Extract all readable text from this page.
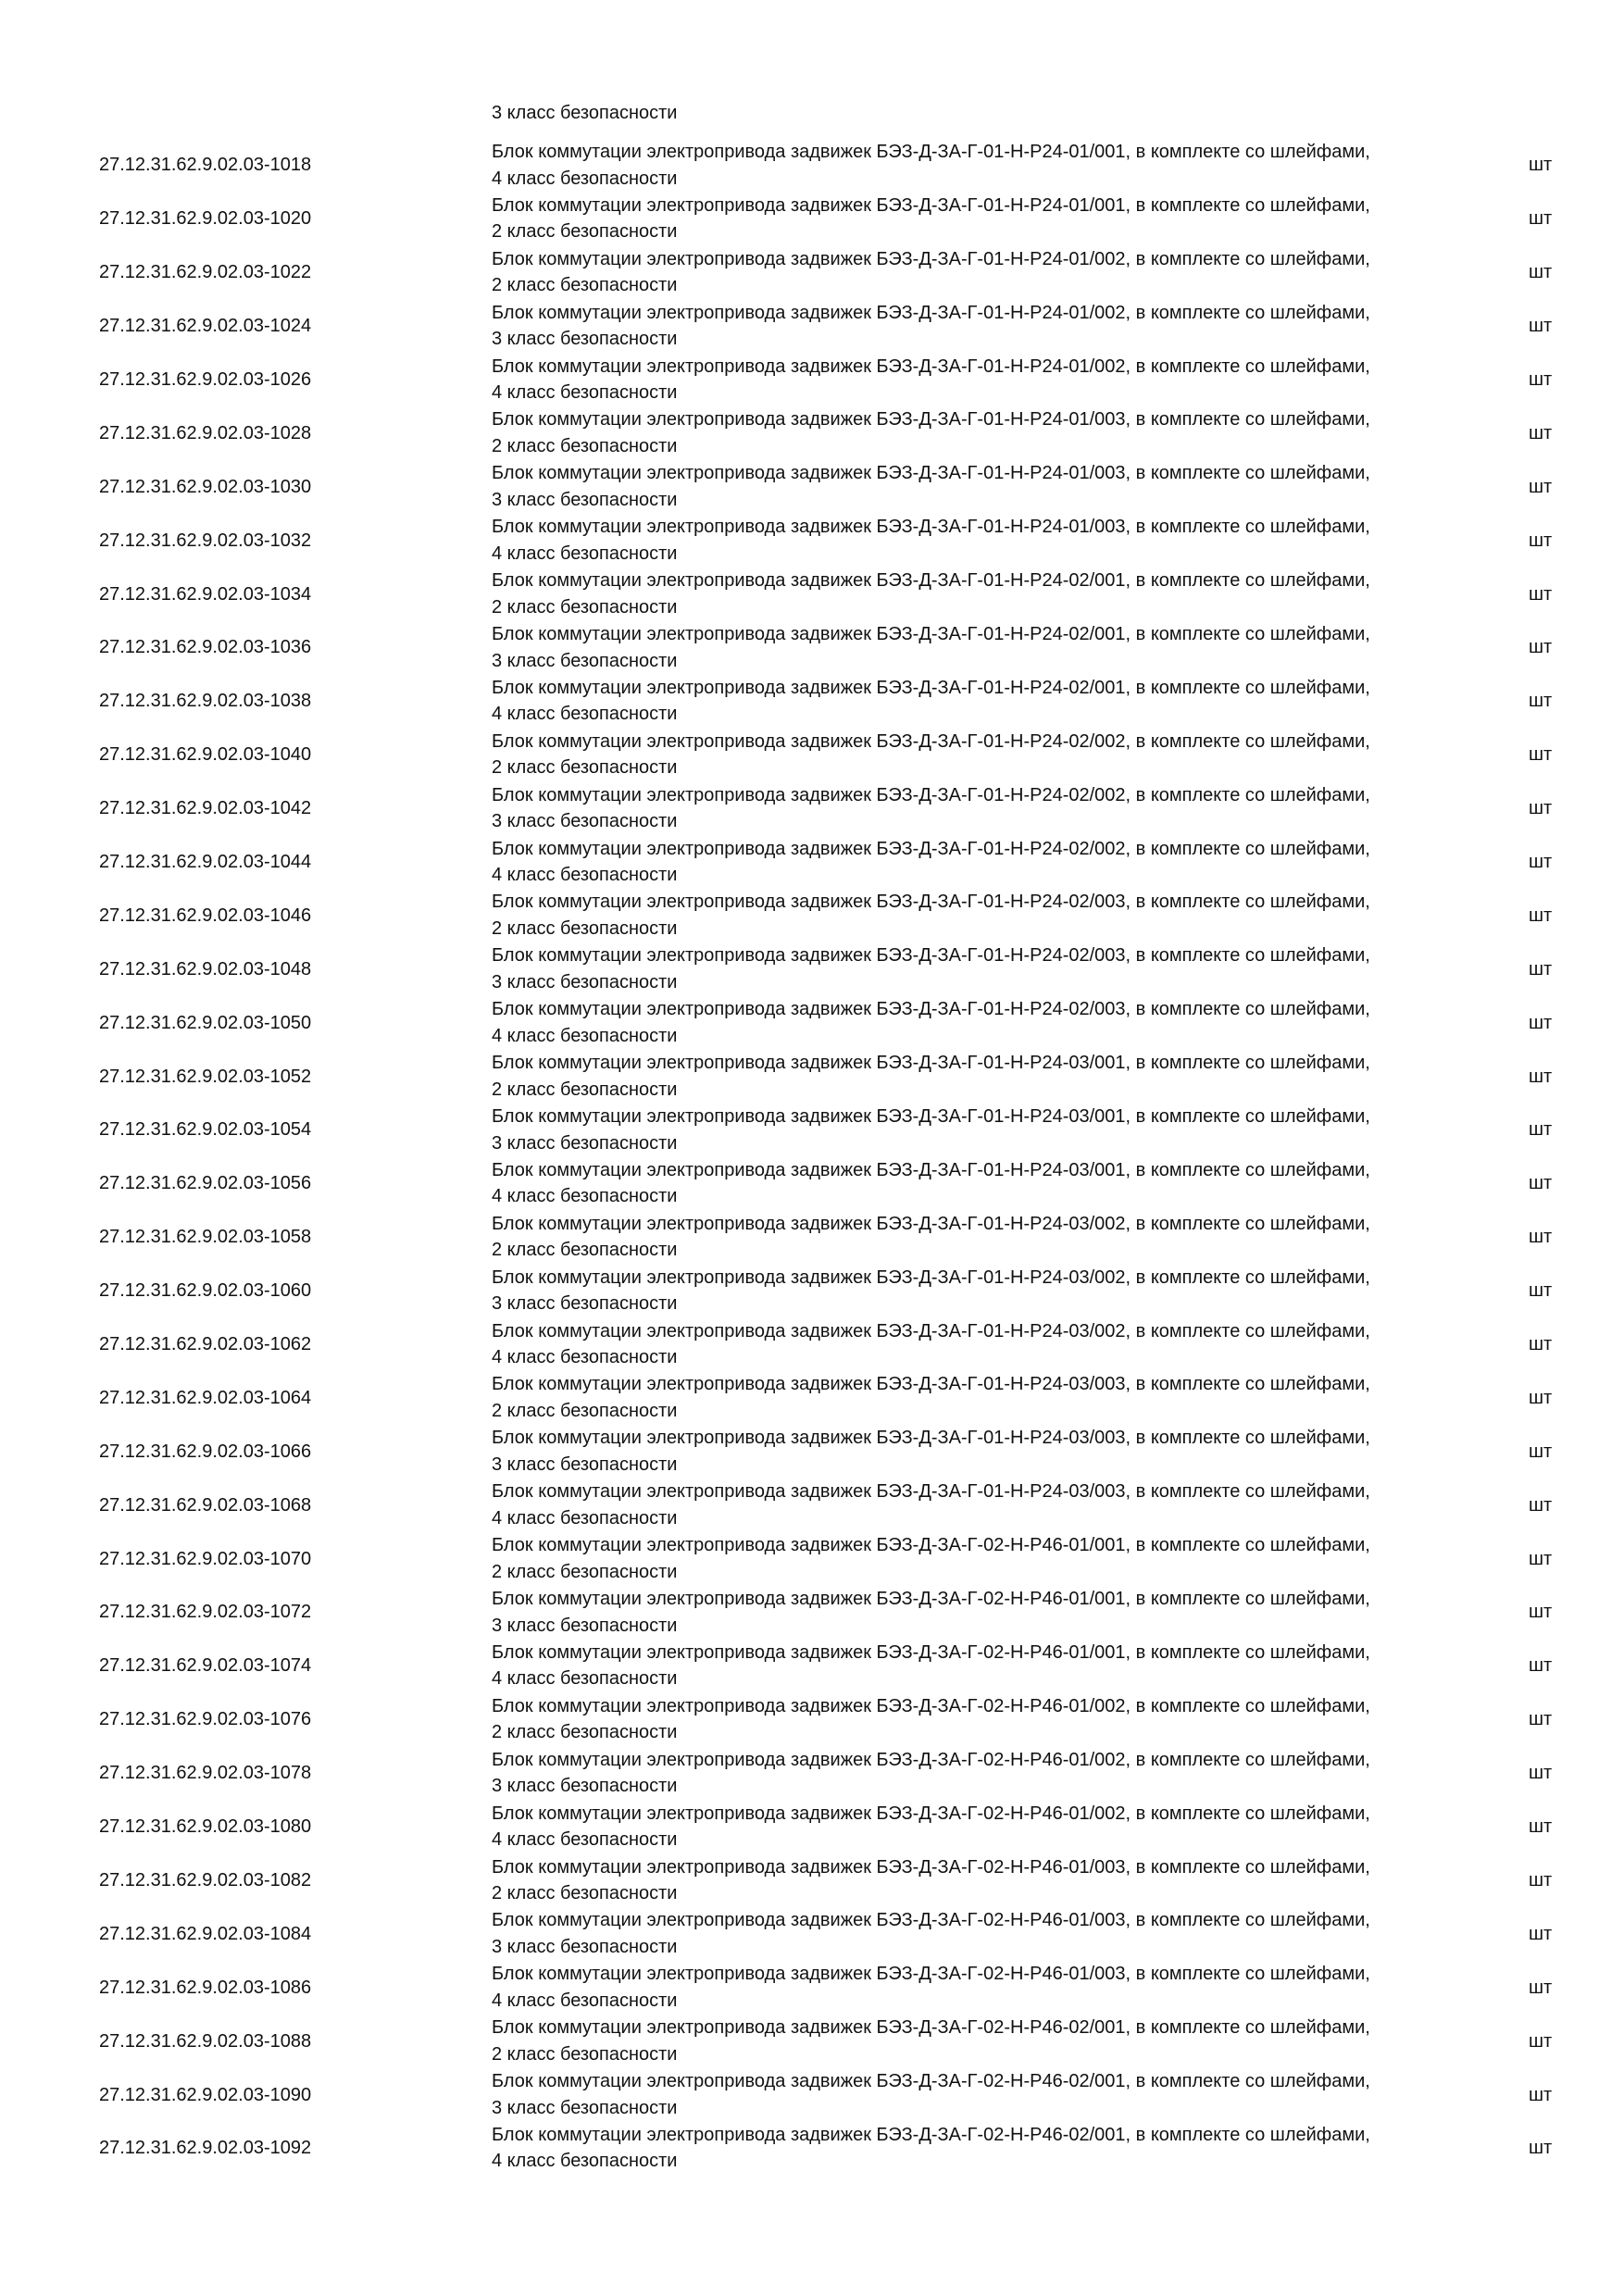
3 класс безопасности
27.12.31.62.9.02.03-1018
Блок коммутации электропривода задвижек БЭЗ-Д-ЗА-Г-01-Н-Р24-01/001, в комплекте со шлейфами,
4 класс безопасности
шт
27.12.31.62.9.02.03-1020
Блок коммутации электропривода задвижек БЭЗ-Д-ЗА-Г-01-Н-Р24-01/001, в комплекте со шлейфами,
2 класс безопасности
шт
27.12.31.62.9.02.03-1022
Блок коммутации электропривода задвижек БЭЗ-Д-ЗА-Г-01-Н-Р24-01/002, в комплекте со шлейфами,
2 класс безопасности
шт
27.12.31.62.9.02.03-1024
Блок коммутации электропривода задвижек БЭЗ-Д-ЗА-Г-01-Н-Р24-01/002, в комплекте со шлейфами,
3 класс безопасности
шт
27.12.31.62.9.02.03-1026
Блок коммутации электропривода задвижек БЭЗ-Д-ЗА-Г-01-Н-Р24-01/002, в комплекте со шлейфами,
4 класс безопасности
шт
27.12.31.62.9.02.03-1028
Блок коммутации электропривода задвижек БЭЗ-Д-ЗА-Г-01-Н-Р24-01/003, в комплекте со шлейфами,
2 класс безопасности
шт
27.12.31.62.9.02.03-1030
Блок коммутации электропривода задвижек БЭЗ-Д-ЗА-Г-01-Н-Р24-01/003, в комплекте со шлейфами,
3 класс безопасности
шт
27.12.31.62.9.02.03-1032
Блок коммутации электропривода задвижек БЭЗ-Д-ЗА-Г-01-Н-Р24-01/003, в комплекте со шлейфами,
4 класс безопасности
шт
27.12.31.62.9.02.03-1034
Блок коммутации электропривода задвижек БЭЗ-Д-ЗА-Г-01-Н-Р24-02/001, в комплекте со шлейфами,
2 класс безопасности
шт
27.12.31.62.9.02.03-1036
Блок коммутации электропривода задвижек БЭЗ-Д-ЗА-Г-01-Н-Р24-02/001, в комплекте со шлейфами,
3 класс безопасности
шт
27.12.31.62.9.02.03-1038
Блок коммутации электропривода задвижек БЭЗ-Д-ЗА-Г-01-Н-Р24-02/001, в комплекте со шлейфами,
4 класс безопасности
шт
27.12.31.62.9.02.03-1040
Блок коммутации электропривода задвижек БЭЗ-Д-ЗА-Г-01-Н-Р24-02/002, в комплекте со шлейфами,
2 класс безопасности
шт
27.12.31.62.9.02.03-1042
Блок коммутации электропривода задвижек БЭЗ-Д-ЗА-Г-01-Н-Р24-02/002, в комплекте со шлейфами,
3 класс безопасности
шт
27.12.31.62.9.02.03-1044
Блок коммутации электропривода задвижек БЭЗ-Д-ЗА-Г-01-Н-Р24-02/002, в комплекте со шлейфами,
4 класс безопасности
шт
27.12.31.62.9.02.03-1046
Блок коммутации электропривода задвижек БЭЗ-Д-ЗА-Г-01-Н-Р24-02/003, в комплекте со шлейфами,
2 класс безопасности
шт
27.12.31.62.9.02.03-1048
Блок коммутации электропривода задвижек БЭЗ-Д-ЗА-Г-01-Н-Р24-02/003, в комплекте со шлейфами,
3 класс безопасности
шт
27.12.31.62.9.02.03-1050
Блок коммутации электропривода задвижек БЭЗ-Д-ЗА-Г-01-Н-Р24-02/003, в комплекте со шлейфами,
4 класс безопасности
шт
27.12.31.62.9.02.03-1052
Блок коммутации электропривода задвижек БЭЗ-Д-ЗА-Г-01-Н-Р24-03/001, в комплекте со шлейфами,
2 класс безопасности
шт
27.12.31.62.9.02.03-1054
Блок коммутации электропривода задвижек БЭЗ-Д-ЗА-Г-01-Н-Р24-03/001, в комплекте со шлейфами,
3 класс безопасности
шт
27.12.31.62.9.02.03-1056
Блок коммутации электропривода задвижек БЭЗ-Д-ЗА-Г-01-Н-Р24-03/001, в комплекте со шлейфами,
4 класс безопасности
шт
27.12.31.62.9.02.03-1058
Блок коммутации электропривода задвижек БЭЗ-Д-ЗА-Г-01-Н-Р24-03/002, в комплекте со шлейфами,
2 класс безопасности
шт
27.12.31.62.9.02.03-1060
Блок коммутации электропривода задвижек БЭЗ-Д-ЗА-Г-01-Н-Р24-03/002, в комплекте со шлейфами,
3 класс безопасности
шт
27.12.31.62.9.02.03-1062
Блок коммутации электропривода задвижек БЭЗ-Д-ЗА-Г-01-Н-Р24-03/002, в комплекте со шлейфами,
4 класс безопасности
шт
27.12.31.62.9.02.03-1064
Блок коммутации электропривода задвижек БЭЗ-Д-ЗА-Г-01-Н-Р24-03/003, в комплекте со шлейфами,
2 класс безопасности
шт
27.12.31.62.9.02.03-1066
Блок коммутации электропривода задвижек БЭЗ-Д-ЗА-Г-01-Н-Р24-03/003, в комплекте со шлейфами,
3 класс безопасности
шт
27.12.31.62.9.02.03-1068
Блок коммутации электропривода задвижек БЭЗ-Д-ЗА-Г-01-Н-Р24-03/003, в комплекте со шлейфами,
4 класс безопасности
шт
27.12.31.62.9.02.03-1070
Блок коммутации электропривода задвижек БЭЗ-Д-ЗА-Г-02-Н-Р46-01/001, в комплекте со шлейфами,
2 класс безопасности
шт
27.12.31.62.9.02.03-1072
Блок коммутации электропривода задвижек БЭЗ-Д-ЗА-Г-02-Н-Р46-01/001, в комплекте со шлейфами,
3 класс безопасности
шт
27.12.31.62.9.02.03-1074
Блок коммутации электропривода задвижек БЭЗ-Д-ЗА-Г-02-Н-Р46-01/001, в комплекте со шлейфами,
4 класс безопасности
шт
27.12.31.62.9.02.03-1076
Блок коммутации электропривода задвижек БЭЗ-Д-ЗА-Г-02-Н-Р46-01/002, в комплекте со шлейфами,
2 класс безопасности
шт
27.12.31.62.9.02.03-1078
Блок коммутации электропривода задвижек БЭЗ-Д-ЗА-Г-02-Н-Р46-01/002, в комплекте со шлейфами,
3 класс безопасности
шт
27.12.31.62.9.02.03-1080
Блок коммутации электропривода задвижек БЭЗ-Д-ЗА-Г-02-Н-Р46-01/002, в комплекте со шлейфами,
4 класс безопасности
шт
27.12.31.62.9.02.03-1082
Блок коммутации электропривода задвижек БЭЗ-Д-ЗА-Г-02-Н-Р46-01/003, в комплекте со шлейфами,
2 класс безопасности
шт
27.12.31.62.9.02.03-1084
Блок коммутации электропривода задвижек БЭЗ-Д-ЗА-Г-02-Н-Р46-01/003, в комплекте со шлейфами,
3 класс безопасности
шт
27.12.31.62.9.02.03-1086
Блок коммутации электропривода задвижек БЭЗ-Д-ЗА-Г-02-Н-Р46-01/003, в комплекте со шлейфами,
4 класс безопасности
шт
27.12.31.62.9.02.03-1088
Блок коммутации электропривода задвижек БЭЗ-Д-ЗА-Г-02-Н-Р46-02/001, в комплекте со шлейфами,
2 класс безопасности
шт
27.12.31.62.9.02.03-1090
Блок коммутации электропривода задвижек БЭЗ-Д-ЗА-Г-02-Н-Р46-02/001, в комплекте со шлейфами,
3 класс безопасности
шт
27.12.31.62.9.02.03-1092
Блок коммутации электропривода задвижек БЭЗ-Д-ЗА-Г-02-Н-Р46-02/001, в комплекте со шлейфами,
4 класс безопасности
шт
